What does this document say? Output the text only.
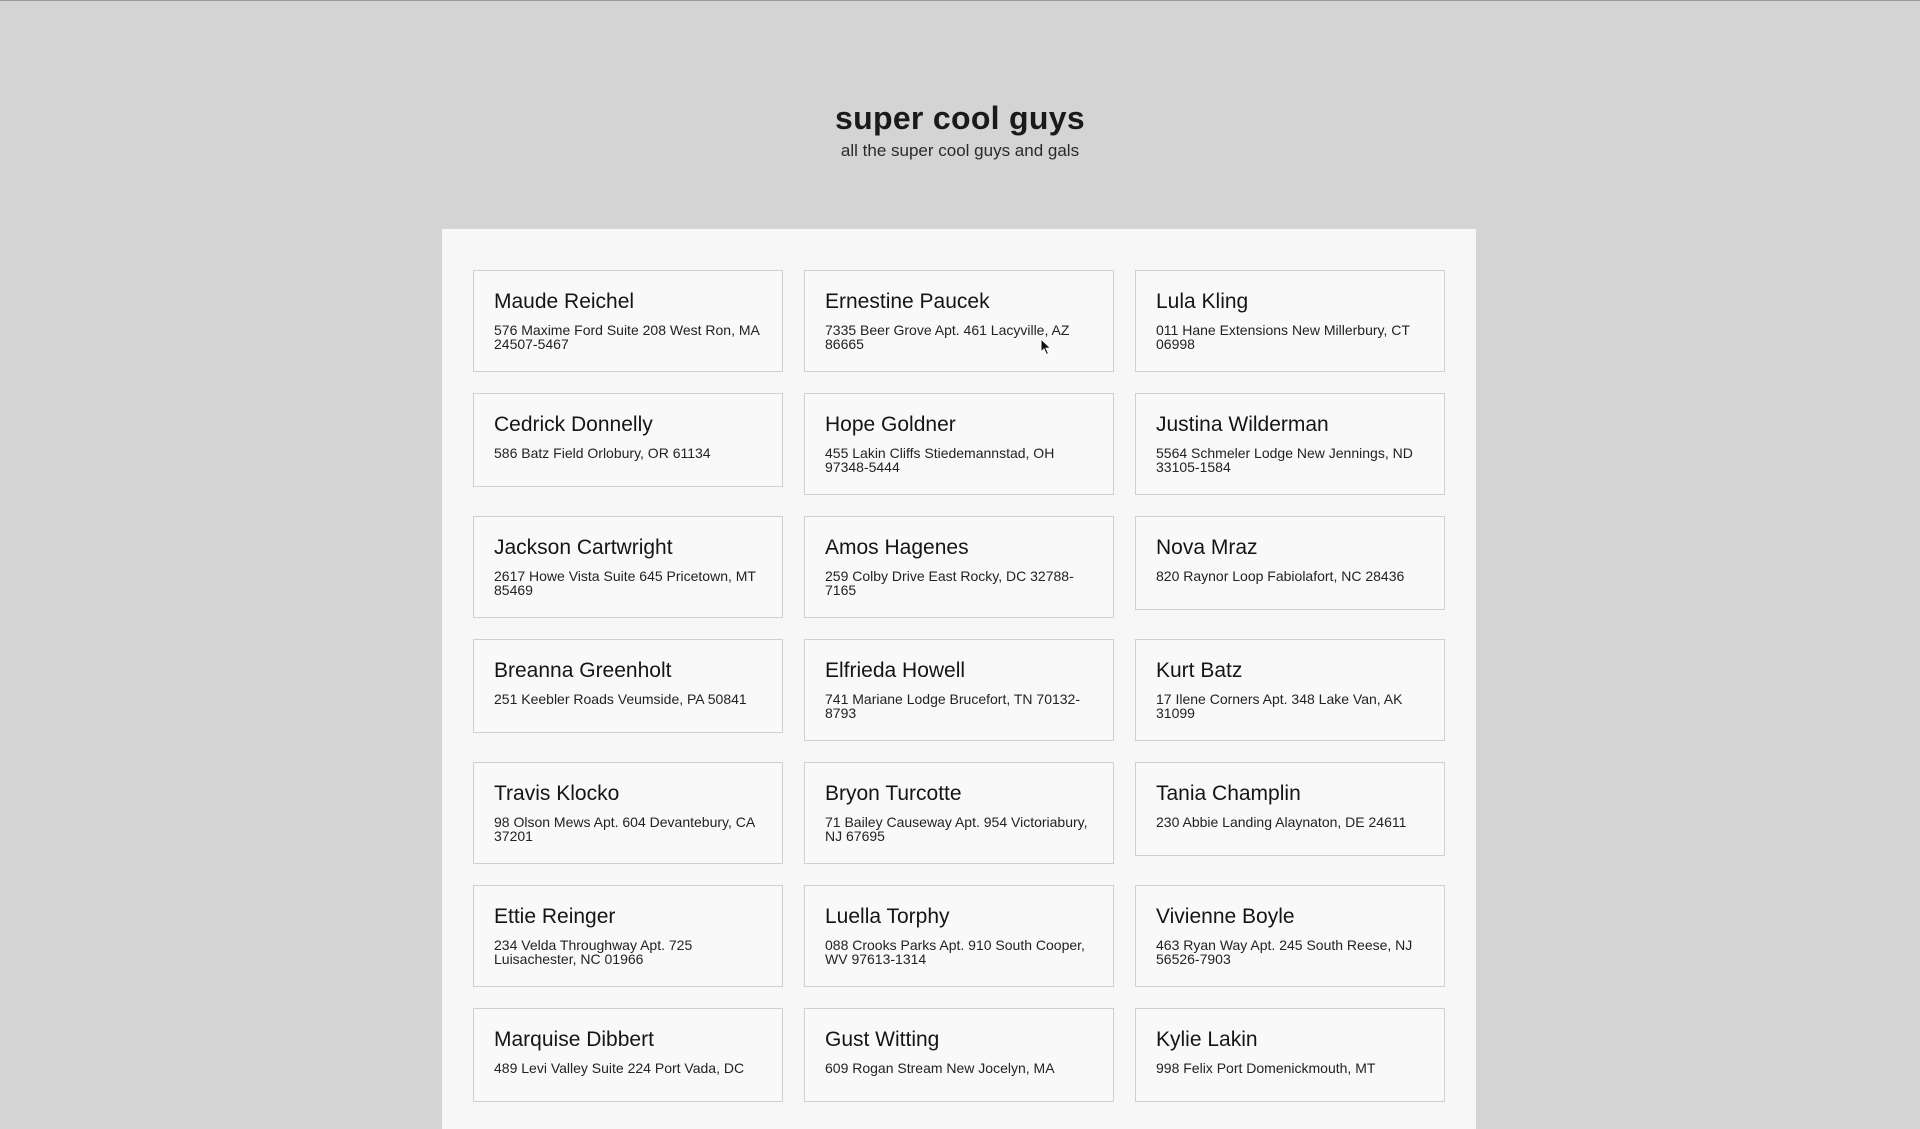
super cool guys

all the super cool guys and gals

Maude Reichel
576 Maxime Ford Suite 208 West Ron, MA 24507-5467
Ernestine Paucek
7335 Beer Grove Apt. 461 Lacyville, AZ 86665
Lula Kling
011 Hane Extensions New Millerbury, CT 06998
Cedrick Donnelly
586 Batz Field Orlobury, OR 61134
Hope Goldner
455 Lakin Cliffs Stiedemannstad, OH 97348-5444
Justina Wilderman
5564 Schmeler Lodge New Jennings, ND 33105-1584
Jackson Cartwright
2617 Howe Vista Suite 645 Pricetown, MT 85469
Amos Hagenes
259 Colby Drive East Rocky, DC 32788-7165
Nova Mraz
820 Raynor Loop Fabiolafort, NC 28436
Breanna Greenholt
251 Keebler Roads Veumside, PA 50841
Elfrieda Howell
741 Mariane Lodge Brucefort, TN 70132-8793
Kurt Batz
17 Ilene Corners Apt. 348 Lake Van, AK 31099
Travis Klocko
98 Olson Mews Apt. 604 Devantebury, CA 37201
Bryon Turcotte
71 Bailey Causeway Apt. 954 Victoriabury, NJ 67695
Tania Champlin
230 Abbie Landing Alaynaton, DE 24611
Ettie Reinger
234 Velda Throughway Apt. 725 Luisachester, NC 01966
Luella Torphy
088 Crooks Parks Apt. 910 South Cooper, WV 97613-1314
Vivienne Boyle
463 Ryan Way Apt. 245 South Reese, NJ 56526-7903
Marquise Dibbert
489 Levi Valley Suite 224 Port Vada, DC
Gust Witting
609 Rogan Stream New Jocelyn, MA
Kylie Lakin
998 Felix Port Domenickmouth, MT
